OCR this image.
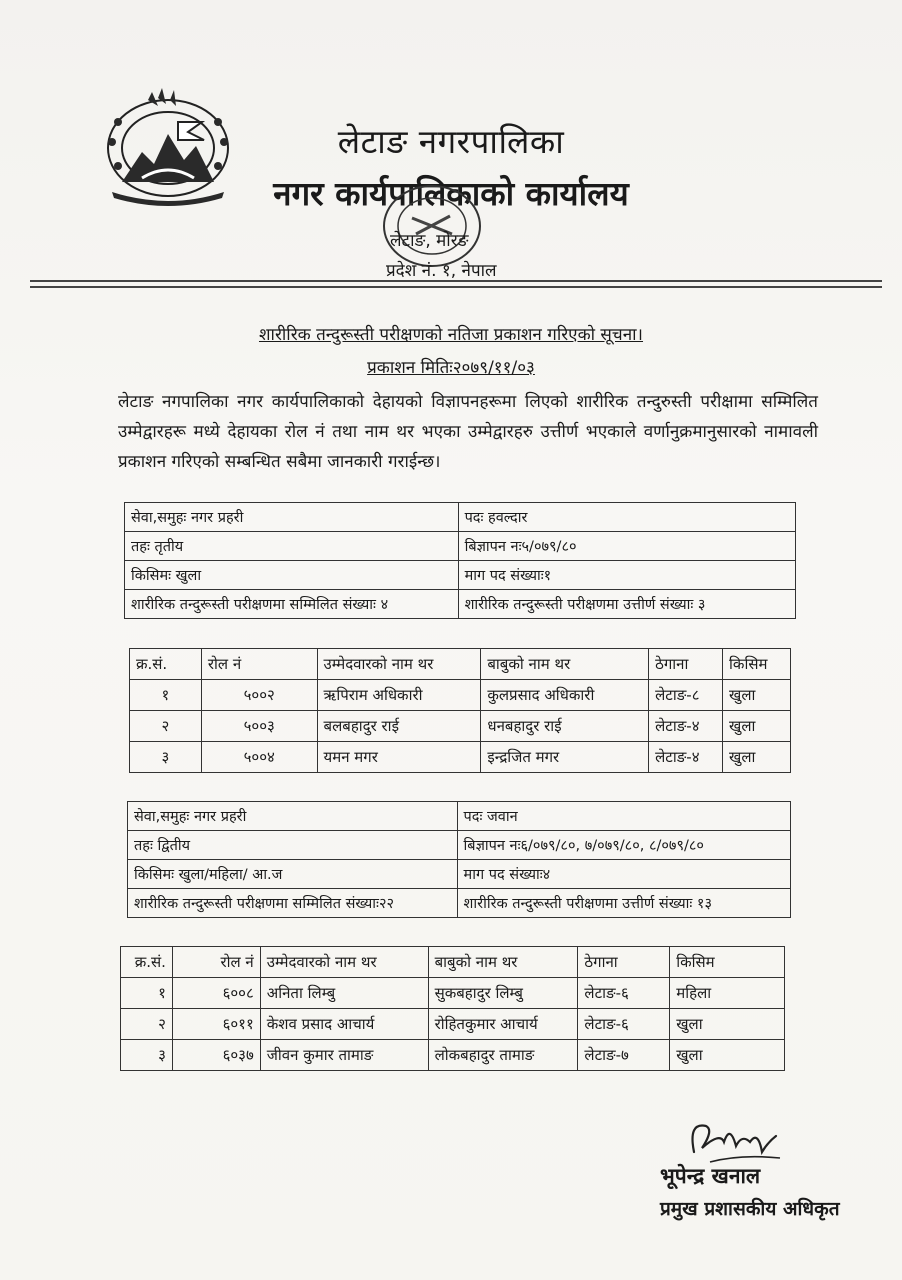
लेटाङ नगरपालिका
नगर कार्यपालिकाको कार्यालय
लेटाङ, मोरङ
प्रदेश नं. १, नेपाल
शारीरिक तन्दुरूस्ती परीक्षणको नतिजा प्रकाशन गरिएको सूचना।
प्रकाशन मितिः२०७९/११/०३
लेटाङ नगपालिका नगर कार्यपालिकाको देहायको विज्ञापनहरूमा लिएको शारीरिक तन्दुरुस्ती परीक्षामा सम्मिलित उम्मेद्वारहरू मध्ये देहायका रोल नं तथा नाम थर भएका उम्मेद्वारहरु उत्तीर्ण भएकाले वर्णानुक्रमानुसारको नामावली प्रकाशन गरिएको सम्बन्धित सबैमा जानकारी गराईन्छ।
सेवा,समुहः नगर प्रहरी	पदः हवल्दार
तहः तृतीय	बिज्ञापन नः५/०७९/८०
किसिमः खुला	माग पद संख्याः१
शारीरिक तन्दुरूस्ती परीक्षणमा सम्मिलित संख्याः ४	शारीरिक तन्दुरूस्ती परीक्षणमा उत्तीर्ण संख्याः ३
क्र.सं.	रोल नं	उम्मेदवारको नाम थर	बाबुको नाम थर	ठेगाना	किसिम
१	५००२	ऋपिराम अधिकारी	कुलप्रसाद अधिकारी	लेटाङ-८	खुला
२	५००३	बलबहादुर राई	धनबहादुर राई	लेटाङ-४	खुला
३	५००४	यमन मगर	इन्द्रजित मगर	लेटाङ-४	खुला
सेवा,समुहः नगर प्रहरी	पदः जवान
तहः द्वितीय	बिज्ञापन नः६/०७९/८०, ७/०७९/८०, ८/०७९/८०
किसिमः खुला/महिला/ आ.ज	माग पद संख्याः४
शारीरिक तन्दुरूस्ती परीक्षणमा सम्मिलित संख्याः२२	शारीरिक तन्दुरूस्ती परीक्षणमा उत्तीर्ण संख्याः १३
क्र.सं.	रोल नं	उम्मेदवारको नाम थर	बाबुको नाम थर	ठेगाना	किसिम
१	६००८	अनिता लिम्बु	सुकबहादुर लिम्बु	लेटाङ-६	महिला
२	६०११	केशव प्रसाद आचार्य	रोहितकुमार आचार्य	लेटाङ-६	खुला
३	६०३७	जीवन कुमार तामाङ	लोकबहादुर तामाङ	लेटाङ-७	खुला
भूपेन्द्र खनाल
प्रमुख प्रशासकीय अधिकृत
